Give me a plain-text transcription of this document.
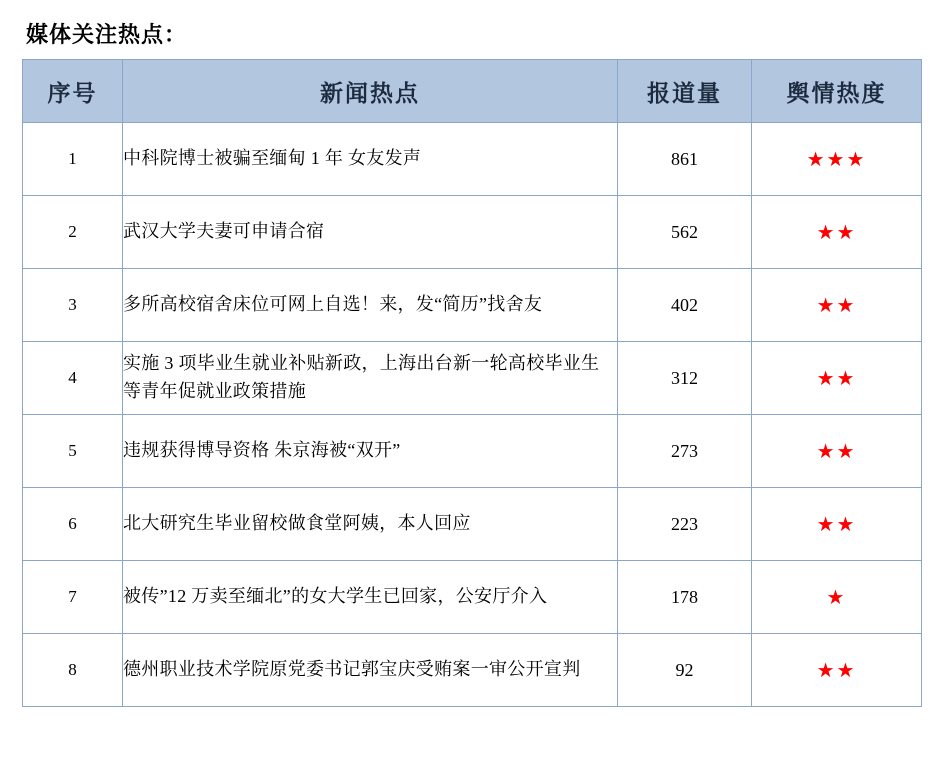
媒体关注热点：
序号	新闻热点	报道量	舆情热度
1	中科院博士被骗至缅甸 1 年 女友发声	861	★★★
2	武汉大学夫妻可申请合宿	562	★★
3	多所高校宿舍床位可网上自选！来，发“简历”找舍友	402	★★
4	实施 3 项毕业生就业补贴新政，上海出台新一轮高校毕业生等青年促就业政策措施	312	★★
5	违规获得博导资格 朱京海被“双开”	273	★★
6	北大研究生毕业留校做食堂阿姨，本人回应	223	★★
7	被传”12 万卖至缅北”的女大学生已回家，公安厅介入	178	★
8	德州职业技术学院原党委书记郭宝庆受贿案一审公开宣判	92	★★
